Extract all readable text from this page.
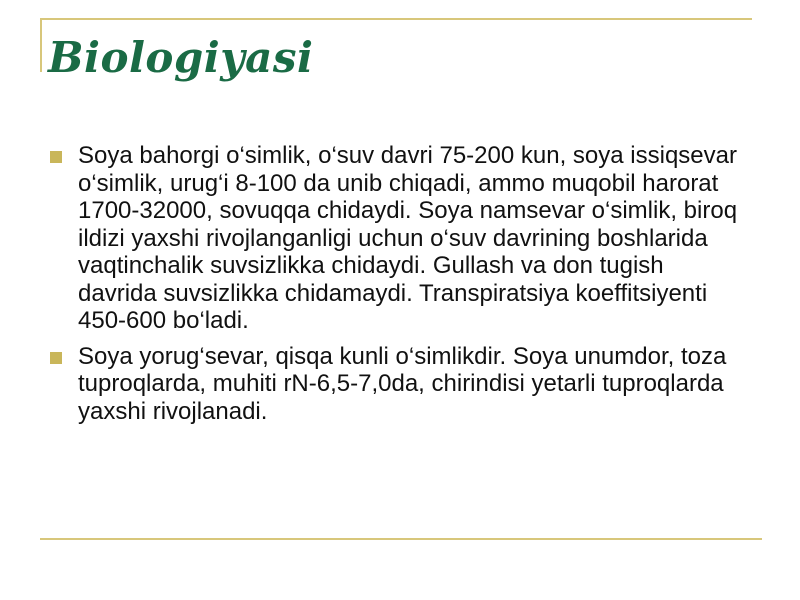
Biologiyasi
Soya bahorgi o‘simlik, o‘suv davri 75-200 kun, soya issiqsevar o‘simlik, urug‘i 8-100 da unib chiqadi, ammo muqobil harorat 1700-32000, sovuqqa chidaydi. Soya namsevar o‘simlik, biroq ildizi yaxshi rivojlanganligi uchun o‘suv davrining boshlarida vaqtinchalik suvsizlikka chidaydi. Gullash va don tugish davrida suvsizlikka chidamaydi. Transpiratsiya koeffitsiyenti 450-600 bo‘ladi.
Soya yorug‘sevar, qisqa kunli o‘simlikdir. Soya unumdor, toza tuproqlarda, muhiti rN-6,5-7,0da, chirindisi yetarli tuproqlarda yaxshi rivojlanadi.
